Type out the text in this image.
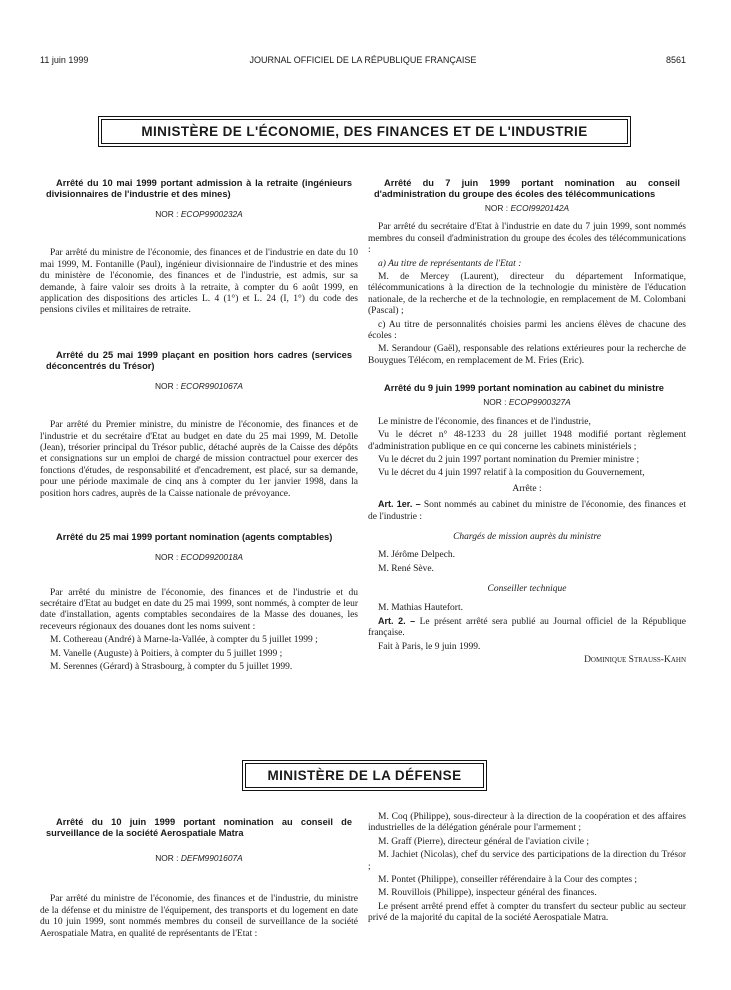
11 juin 1999	JOURNAL OFFICIEL DE LA RÉPUBLIQUE FRANÇAISE	8561
MINISTÈRE DE L'ÉCONOMIE, DES FINANCES ET DE L'INDUSTRIE

Arrêté du 10 mai 1999 portant admission à la retraite (ingénieurs divisionnaires de l'industrie et des mines)

NOR : ECOP9900232A

Par arrêté du ministre de l'économie, des finances et de l'industrie en date du 10 mai 1999, M. Fontanille (Paul), ingénieur divisionnaire de l'industrie et des mines du ministère de l'économie, des finances et de l'industrie, est admis, sur sa demande, à faire valoir ses droits à la retraite, à compter du 6 août 1999, en application des dispositions des articles L. 4 (1°) et L. 24 (I, 1°) du code des pensions civiles et militaires de retraite.

Arrêté du 25 mai 1999 plaçant en position hors cadres (services déconcentrés du Trésor)

NOR : ECOR9901067A

Par arrêté du Premier ministre, du ministre de l'économie, des finances et de l'industrie et du secrétaire d'Etat au budget en date du 25 mai 1999, M. Detolle (Jean), trésorier principal du Trésor public, détaché auprès de la Caisse des dépôts et consignations sur un emploi de chargé de mission contractuel pour exercer des fonctions d'études, de responsabilité et d'encadrement, est placé, sur sa demande, pour une période maximale de cinq ans à compter du 1er janvier 1998, dans la position hors cadres, auprès de la Caisse nationale de prévoyance.

Arrêté du 25 mai 1999 portant nomination (agents comptables)

NOR : ECOD9920018A

Par arrêté du ministre de l'économie, des finances et de l'industrie et du secrétaire d'Etat au budget en date du 25 mai 1999, sont nommés, à compter de leur date d'installation, agents comptables secondaires de la Masse des douanes, les receveurs régionaux des douanes dont les noms suivent :

M. Cothereau (André) à Marne-la-Vallée, à compter du 5 juillet 1999 ;

M. Vanelle (Auguste) à Poitiers, à compter du 5 juillet 1999 ;

M. Serennes (Gérard) à Strasbourg, à compter du 5 juillet 1999.

Arrêté du 7 juin 1999 portant nomination au conseil d'administration du groupe des écoles des télécommunications

NOR : ECOI9920142A

Par arrêté du secrétaire d'Etat à l'industrie en date du 7 juin 1999, sont nommés membres du conseil d'administration du groupe des écoles des télécommunications :

a) Au titre de représentants de l'Etat :

M. de Mercey (Laurent), directeur du département Informatique, télécommunications à la direction de la technologie du ministère de l'éducation nationale, de la recherche et de la technologie, en remplacement de M. Colombani (Pascal) ;

c) Au titre de personnalités choisies parmi les anciens élèves de chacune des écoles :

M. Serandour (Gaël), responsable des relations extérieures pour la recherche de Bouygues Télécom, en remplacement de M. Fries (Eric).

Arrêté du 9 juin 1999 portant nomination au cabinet du ministre

NOR : ECOP9900327A

Le ministre de l'économie, des finances et de l'industrie,

Vu le décret n° 48-1233 du 28 juillet 1948 modifié portant règlement d'administration publique en ce qui concerne les cabinets ministériels ;

Vu le décret du 2 juin 1997 portant nomination du Premier ministre ;

Vu le décret du 4 juin 1997 relatif à la composition du Gouvernement,

Arrête :

Art. 1er. – Sont nommés au cabinet du ministre de l'économie, des finances et de l'industrie :

Chargés de mission auprès du ministre

M. Jérôme Delpech.

M. René Sève.

Conseiller technique

M. Mathias Hautefort.

Art. 2. – Le présent arrêté sera publié au Journal officiel de la République française.

Fait à Paris, le 9 juin 1999.

Dominique Strauss-Kahn

MINISTÈRE DE LA DÉFENSE

Arrêté du 10 juin 1999 portant nomination au conseil de surveillance de la société Aerospatiale Matra

NOR : DEFM9901607A

Par arrêté du ministre de l'économie, des finances et de l'industrie, du ministre de la défense et du ministre de l'équipement, des transports et du logement en date du 10 juin 1999, sont nommés membres du conseil de surveillance de la société Aerospatiale Matra, en qualité de représentants de l'Etat :

M. Coq (Philippe), sous-directeur à la direction de la coopération et des affaires industrielles de la délégation générale pour l'armement ;

M. Graff (Pierre), directeur général de l'aviation civile ;

M. Jachiet (Nicolas), chef du service des participations de la direction du Trésor ;

M. Pontet (Philippe), conseiller référendaire à la Cour des comptes ;

M. Rouvillois (Philippe), inspecteur général des finances.

Le présent arrêté prend effet à compter du transfert du secteur public au secteur privé de la majorité du capital de la société Aerospatiale Matra.
